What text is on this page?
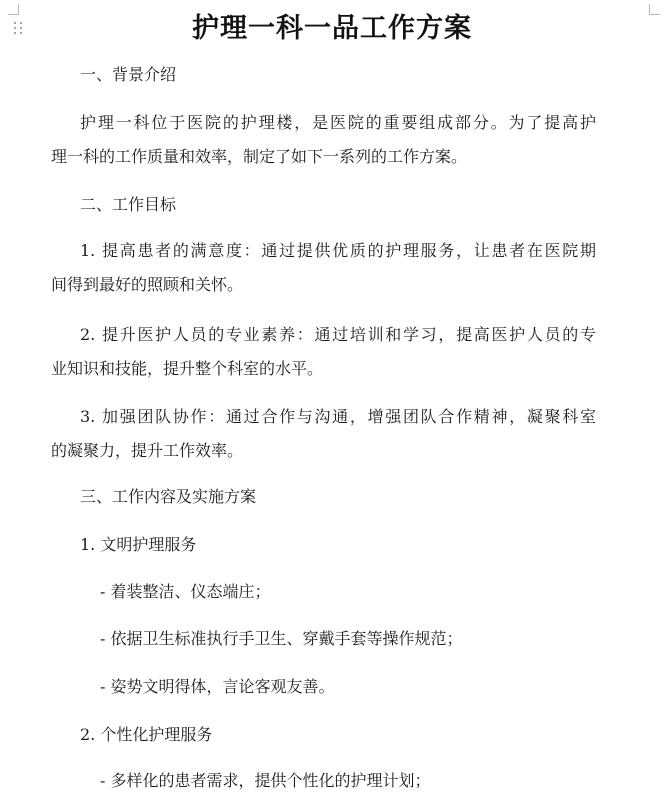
护理一科一品工作方案
一、背景介绍
护理一科位于医院的护理楼，是医院的重要组成部分。为了提高护
理一科的工作质量和效率，制定了如下一系列的工作方案。
二、工作目标
1. 提高患者的满意度：通过提供优质的护理服务，让患者在医院期
间得到最好的照顾和关怀。
2. 提升医护人员的专业素养：通过培训和学习，提高医护人员的专
业知识和技能，提升整个科室的水平。
3. 加强团队协作：通过合作与沟通，增强团队合作精神，凝聚科室
的凝聚力，提升工作效率。
三、工作内容及实施方案
1. 文明护理服务
- 着装整洁、仪态端庄；
- 依据卫生标准执行手卫生、穿戴手套等操作规范；
- 姿势文明得体，言论客观友善。
2. 个性化护理服务
- 多样化的患者需求，提供个性化的护理计划；
